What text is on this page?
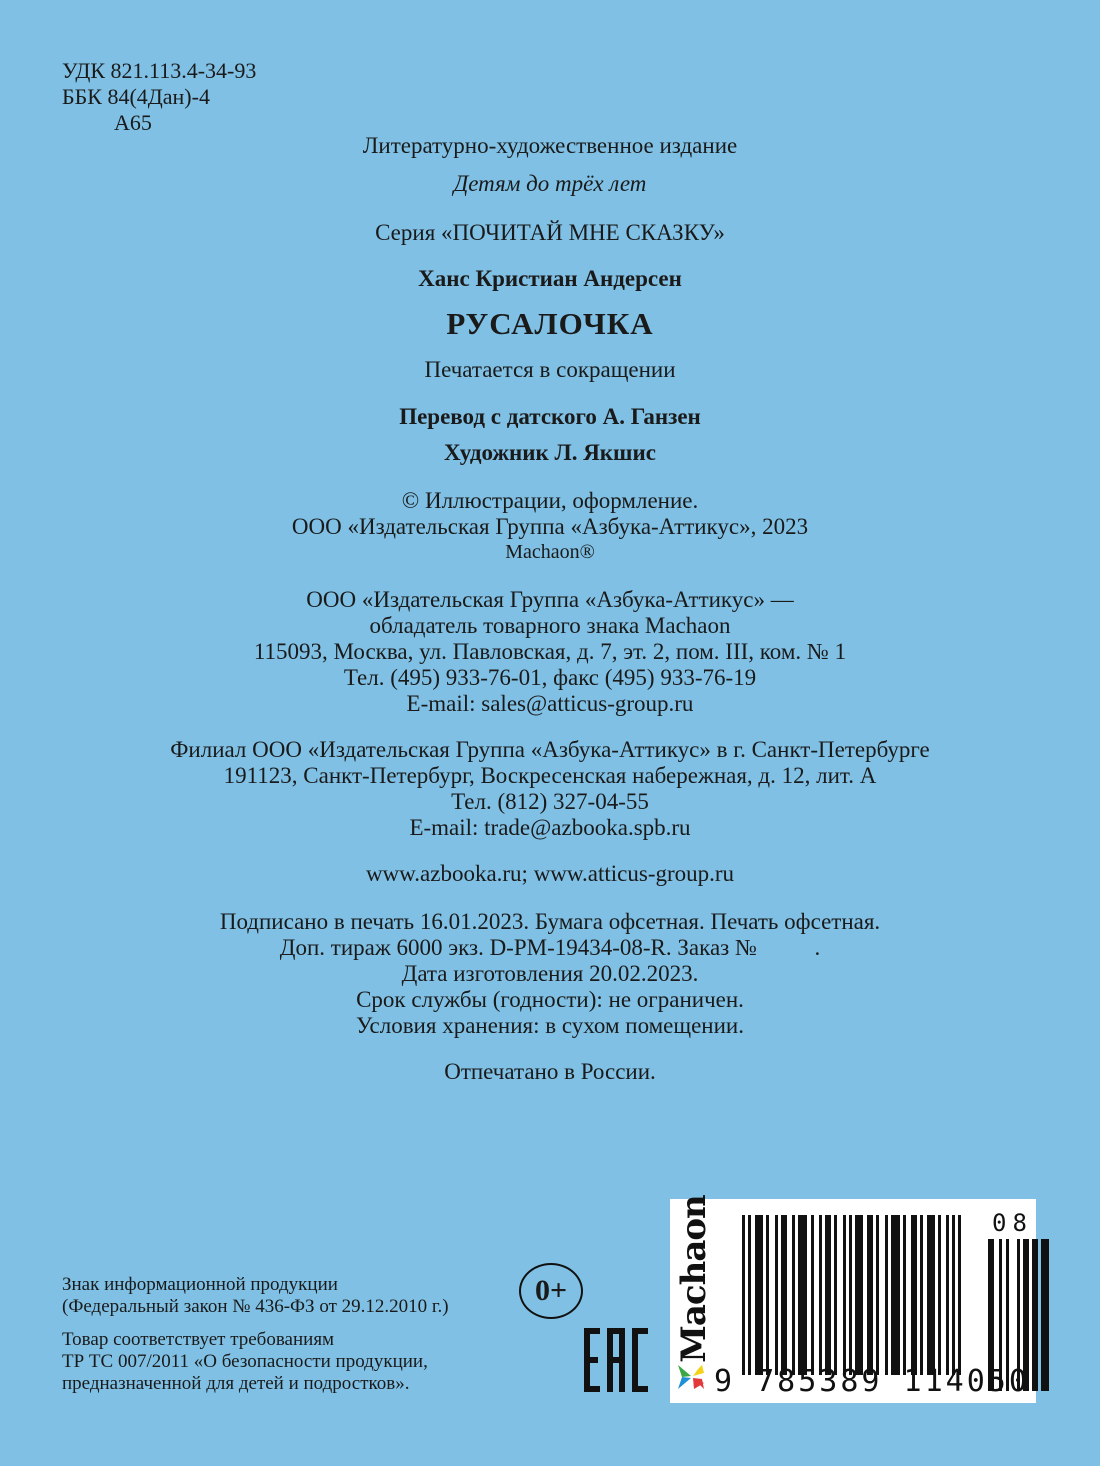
УДК 821.113.4-34-93
ББК 84(4Дан)-4
А65
Литературно-художественное издание
Детям до трёх лет
Серия «ПОЧИТАЙ МНЕ СКАЗКУ»
Ханс Кристиан Андерсен
РУСАЛОЧКА
Печатается в сокращении
Перевод с датского А. Ганзен
Художник Л. Якшис
© Иллюстрации, оформление.
ООО «Издательская Группа «Азбука-Аттикус», 2023
Machaon®
ООО «Издательская Группа «Азбука-Аттикус» —
обладатель товарного знака Machaon
115093, Москва, ул. Павловская, д. 7, эт. 2, пом. III, ком. № 1
Тел. (495) 933-76-01, факс (495) 933-76-19
E-mail: sales@atticus-group.ru
Филиал ООО «Издательская Группа «Азбука-Аттикус» в г. Санкт-Петербурге
191123, Санкт-Петербург, Воскресенская набережная, д. 12, лит. А
Тел. (812) 327-04-55
E-mail: trade@azbooka.spb.ru
www.azbooka.ru; www.atticus-group.ru
Подписано в печать 16.01.2023. Бумага офсетная. Печать офсетная.
Доп. тираж 6000 экз. D-PM-19434-08-R. Заказ №          .
Дата изготовления 20.02.2023.
Срок службы (годности): не ограничен.
Условия хранения: в сухом помещении.
Отпечатано в России.
Знак информационной продукции
(Федеральный закон № 436-ФЗ от 29.12.2010 г.)
Товар соответствует требованиям
ТР ТС 007/2011 «О безопасности продукции,
предназначенной для детей и подростков».
0+	Machaon
9 785389 114050
08
